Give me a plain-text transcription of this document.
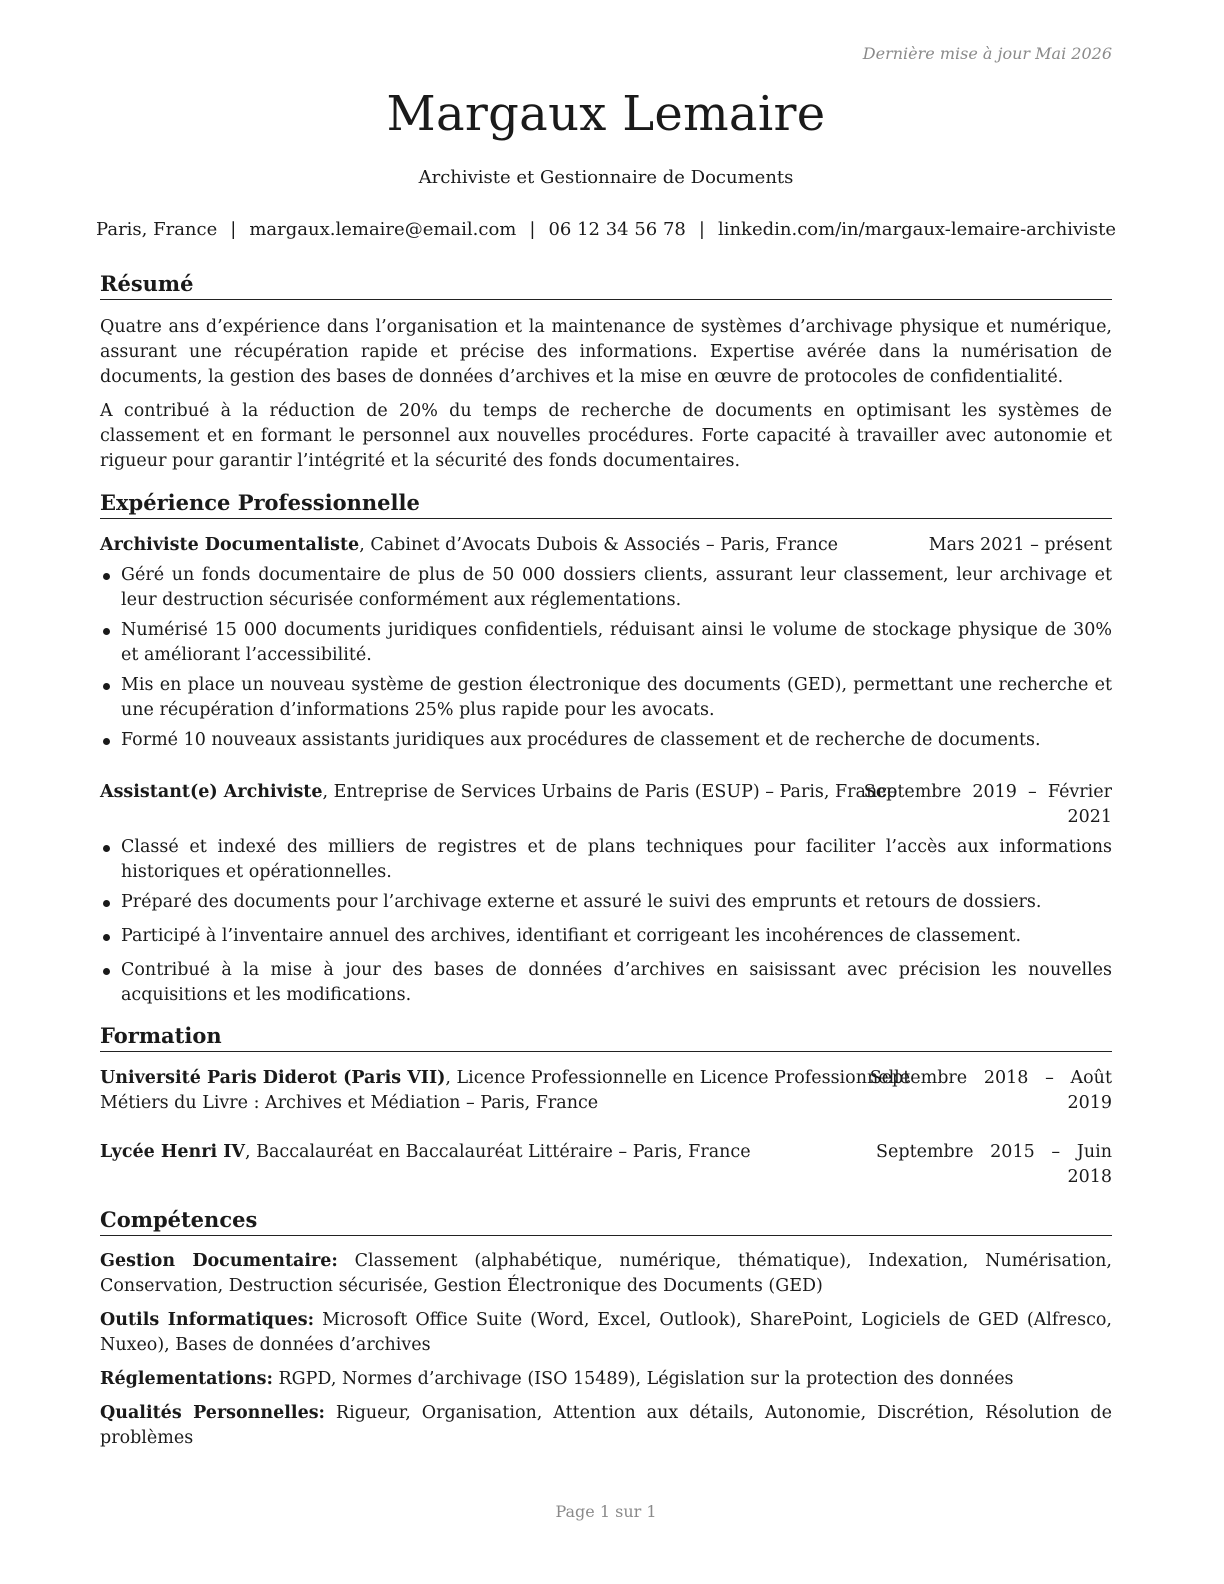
Dernière mise à jour Mai 2026
Margaux Lemaire
Archiviste et Gestionnaire de Documents
Paris, France | margaux.lemaire@email.com | 06 12 34 56 78 | linkedin.com/in/margaux-lemaire-archiviste
Résumé
Quatre ans d’expérience dans l’organisation et la maintenance de systèmes d’archivage physique et numérique, assurant une récupération rapide et précise des informations. Expertise avérée dans la numérisation de documents, la gestion des bases de données d’archives et la mise en œuvre de protocoles de confidentialité.
A contribué à la réduction de 20% du temps de recherche de documents en optimisant les systèmes de classement et en formant le personnel aux nouvelles procédures. Forte capacité à travailler avec autonomie et rigueur pour garantir l’intégrité et la sécurité des fonds documentaires.
Expérience Professionnelle
Archiviste Documentaliste, Cabinet d’Avocats Dubois & Associés – Paris, France	Mars 2021 – présent
Géré un fonds documentaire de plus de 50 000 dossiers clients, assurant leur classement, leur archivage et leur destruction sécurisée conformément aux réglementations.
Numérisé 15 000 documents juridiques confidentiels, réduisant ainsi le volume de stockage physique de 30% et améliorant l’accessibilité.
Mis en place un nouveau système de gestion électronique des documents (GED), permettant une recherche et une récupération d’informations 25% plus rapide pour les avocats.
Formé 10 nouveaux assistants juridiques aux procédures de classement et de recherche de documents.
Assistant(e) Archiviste, Entreprise de Services Urbains de Paris (ESUP) – Paris, France
Septembre  2019  –  Février
2021
Classé et indexé des milliers de registres et de plans techniques pour faciliter l’accès aux informations historiques et opérationnelles.
Préparé des documents pour l’archivage externe et assuré le suivi des emprunts et retours de dossiers.
Participé à l’inventaire annuel des archives, identifiant et corrigeant les incohérences de classement.
Contribué à la mise à jour des bases de données d’archives en saisissant avec précision les nouvelles acquisitions et les modifications.
Formation
Université Paris Diderot (Paris VII), Licence Professionnelle en Licence Professionnelle
Métiers du Livre : Archives et Médiation – Paris, France
Septembre   2018   –   Août
2019
Lycée Henri IV, Baccalauréat en Baccalauréat Littéraire – Paris, France	Septembre   2015   –   Juin
2018
Compétences
Gestion Documentaire: Classement (alphabétique, numérique, thématique), Indexation, Numérisation, Conservation, Destruction sécurisée, Gestion Électronique des Documents (GED)
Outils Informatiques: Microsoft Office Suite (Word, Excel, Outlook), SharePoint, Logiciels de GED (Alfresco, Nuxeo), Bases de données d’archives
Réglementations: RGPD, Normes d’archivage (ISO 15489), Législation sur la protection des données
Qualités Personnelles: Rigueur, Organisation, Attention aux détails, Autonomie, Discrétion, Résolution de problèmes
Page 1 sur 1
